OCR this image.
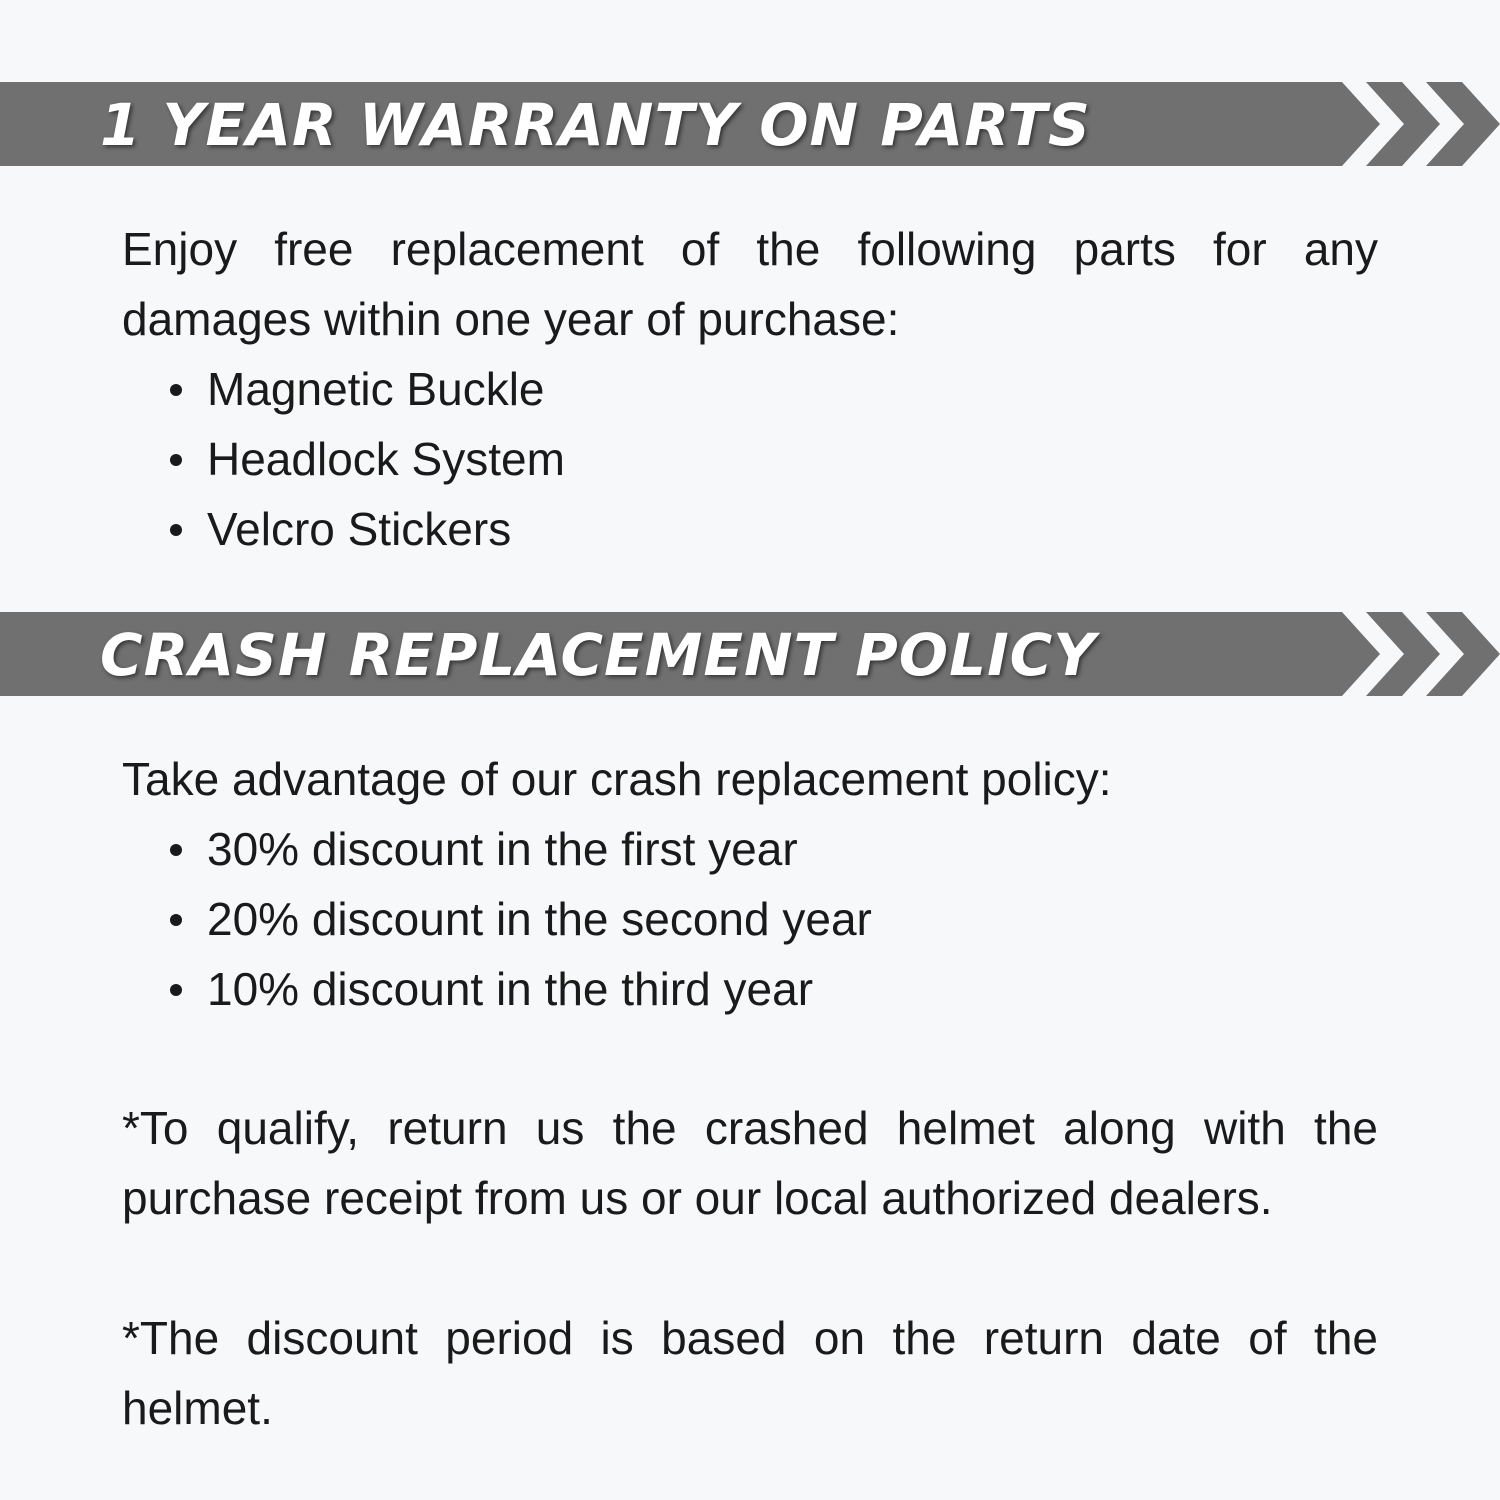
1 YEAR WARRANTY ON PARTS

Enjoy free replacement of the following parts for any damages within one year of purchase:

Magnetic Buckle
Headlock System
Velcro Stickers
CRASH REPLACEMENT POLICY

Take advantage of our crash replacement policy:

30% discount in the first year
20% discount in the second year
10% discount in the third year

*To qualify, return us the crashed helmet along with the purchase receipt from us or our local authorized dealers.

*The discount period is based on the return date of the helmet.
